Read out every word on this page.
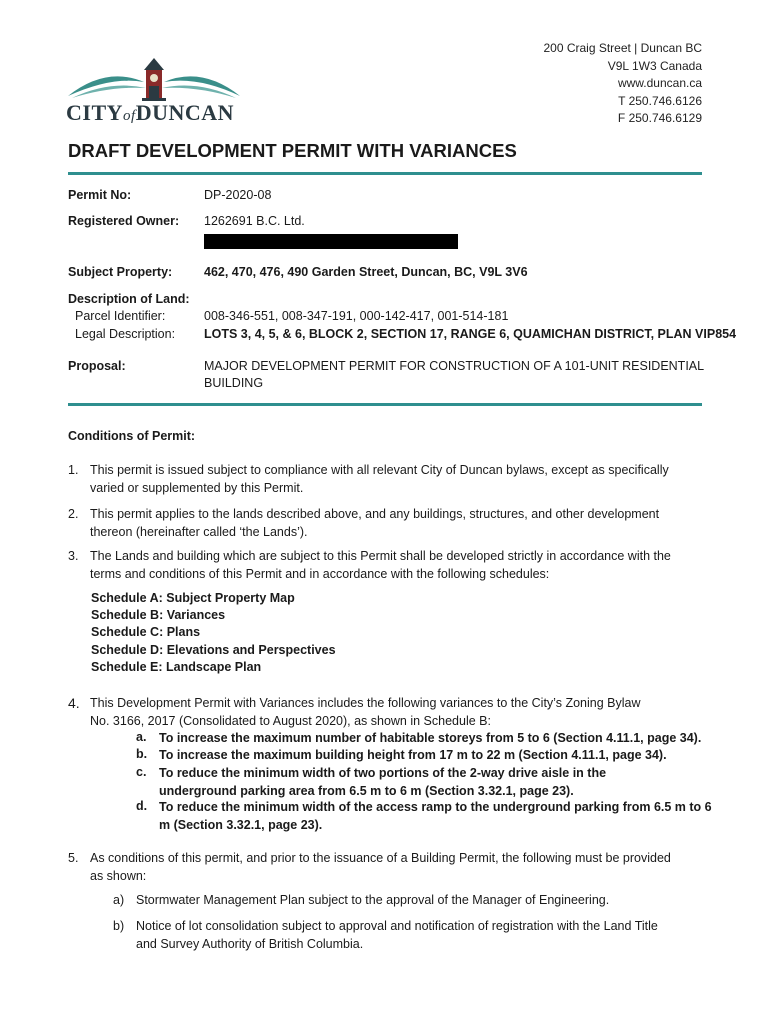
CITYofDUNCAN
200 Craig Street | Duncan BC
V9L 1W3 Canada
www.duncan.ca
T 250.746.6126
F 250.746.6129
DRAFT DEVELOPMENT PERMIT WITH VARIANCES
Permit No:	DP-2020-08
Registered Owner: 1262691 B.C. Ltd.
Subject Property:	462, 470, 476, 490 Garden Street, Duncan, BC, V9L 3V6
Description of Land:
Parcel Identifier:	008-346-551, 008-347-191, 000-142-417, 001-514-181
Legal Description: LOTS 3, 4, 5, & 6, BLOCK 2, SECTION 17, RANGE 6, QUAMICHAN DISTRICT, PLAN VIP854
Proposal:	MAJOR DEVELOPMENT PERMIT FOR CONSTRUCTION OF A 101-UNIT RESIDENTIAL
BUILDING
Conditions of Permit:
1. This permit is issued subject to compliance with all relevant City of Duncan bylaws, except as specifically
varied or supplemented by this Permit.
2. This permit applies to the lands described above, and any buildings, structures, and other development
thereon (hereinafter called ‘the Lands’).
3. The Lands and building which are subject to this Permit shall be developed strictly in accordance with the
terms and conditions of this Permit and in accordance with the following schedules:
Schedule A: Subject Property Map
Schedule B: Variances
Schedule C: Plans
Schedule D: Elevations and Perspectives
Schedule E: Landscape Plan
4. This Development Permit with Variances includes the following variances to the City’s Zoning Bylaw
No. 3166, 2017 (Consolidated to August 2020), as shown in Schedule B:
a. To increase the maximum number of habitable storeys from 5 to 6 (Section 4.11.1, page 34).
b. To increase the maximum building height from 17 m to 22 m (Section 4.11.1, page 34).
c. To reduce the minimum width of two portions of the 2-way drive aisle in the
underground parking area from 6.5 m to 6 m (Section 3.32.1, page 23).
d. To reduce the minimum width of the access ramp to the underground parking from 6.5 m to 6
m (Section 3.32.1, page 23).
5. As conditions of this permit, and prior to the issuance of a Building Permit, the following must be provided
as shown:
a) Stormwater Management Plan subject to the approval of the Manager of Engineering.
b) Notice of lot consolidation subject to approval and notification of registration with the Land Title
and Survey Authority of British Columbia.
